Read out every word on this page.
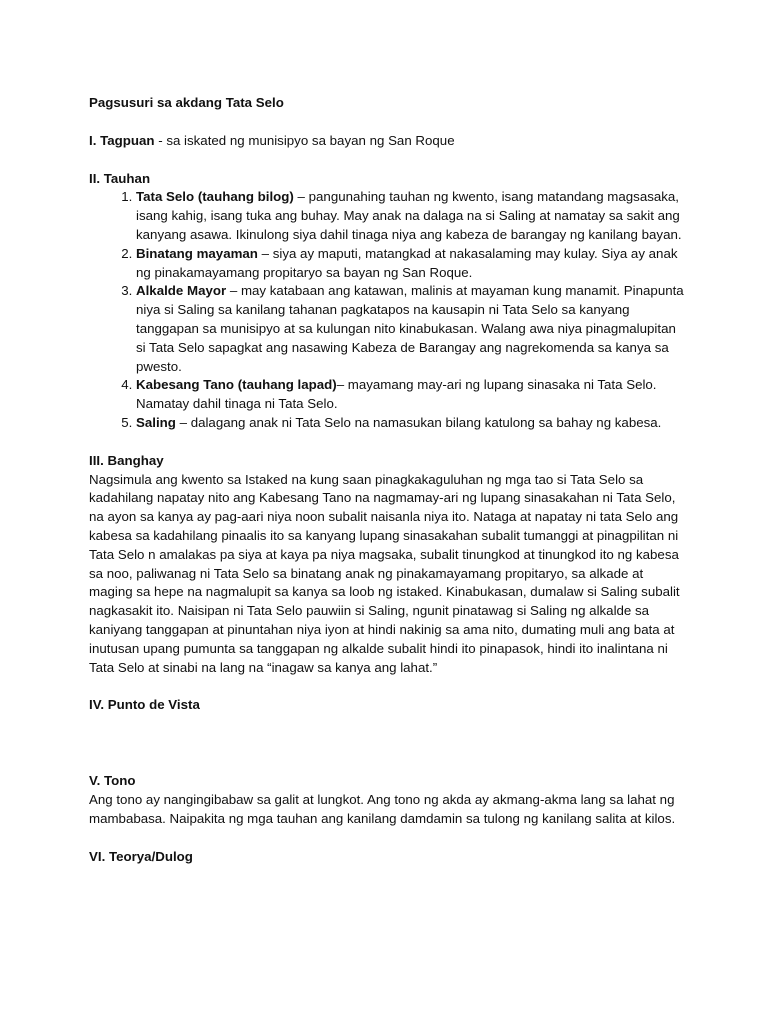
Pagsusuri sa akdang Tata Selo

I. Tagpuan - sa iskated ng munisipyo sa bayan ng San Roque

II. Tauhan
1. Tata Selo (tauhang bilog) – pangunahing tauhan ng kwento, isang matandang magsasaka, isang kahig, isang tuka ang buhay. May anak na dalaga na si Saling at namatay sa sakit ang kanyang asawa. Ikinulong siya dahil tinaga niya ang kabeza de barangay ng kanilang bayan.
2. Binatang mayaman – siya ay maputi, matangkad at nakasalaming may kulay. Siya ay anak ng pinakamayamang propitaryo sa bayan ng San Roque.
3. Alkalde Mayor – may katabaan ang katawan, malinis at mayaman kung manamit. Pinapunta niya si Saling sa kanilang tahanan pagkatapos na kausapin ni Tata Selo sa kanyang tanggapan sa munisipyo at sa kulungan nito kinabukasan. Walang awa niya pinagmalupitan si Tata Selo sapagkat ang nasawing Kabeza de Barangay ang nagrekomenda sa kanya sa pwesto.
4. Kabesang Tano (tauhang lapad)– mayamang may-ari ng lupang sinasaka ni Tata Selo. Namatay dahil tinaga ni Tata Selo.
5. Saling – dalagang anak ni Tata Selo na namasukan bilang katulong sa bahay ng kabesa.
III. Banghay

Nagsimula ang kwento sa Istaked na kung saan pinagkakaguluhan ng mga tao si Tata Selo sa kadahilang napatay nito ang Kabesang Tano na nagmamay-ari ng lupang sinasakahan ni Tata Selo, na ayon sa kanya ay pag-aari niya noon subalit naisanla niya ito. Nataga at napatay ni tata Selo ang kabesa sa kadahilang pinaalis ito sa kanyang lupang sinasakahan subalit tumanggi at pinagpilitan ni Tata Selo n amalakas pa siya at kaya pa niya magsaka, subalit tinungkod at tinungkod ito ng kabesa sa noo, paliwanag ni Tata Selo sa binatang anak ng pinakamayamang propitaryo, sa alkade at maging sa hepe na nagmalupit sa kanya sa loob ng istaked. Kinabukasan, dumalaw si Saling subalit nagkasakit ito. Naisipan ni Tata Selo pauwiin si Saling, ngunit pinatawag si Saling ng alkalde sa kaniyang tanggapan at pinuntahan niya iyon at hindi nakinig sa ama nito, dumating muli ang bata at inutusan upang pumunta sa tanggapan ng alkalde subalit hindi ito pinapasok, hindi ito inalintana ni Tata Selo at sinabi na lang na “inagaw sa kanya ang lahat.”

IV. Punto de Vista
V. Tono

Ang tono ay nangingibabaw sa galit at lungkot. Ang tono ng akda ay akmang-akma lang sa lahat ng mambabasa. Naipakita ng mga tauhan ang kanilang damdamin sa tulong ng kanilang salita at kilos.

VI. Teorya/Dulog
